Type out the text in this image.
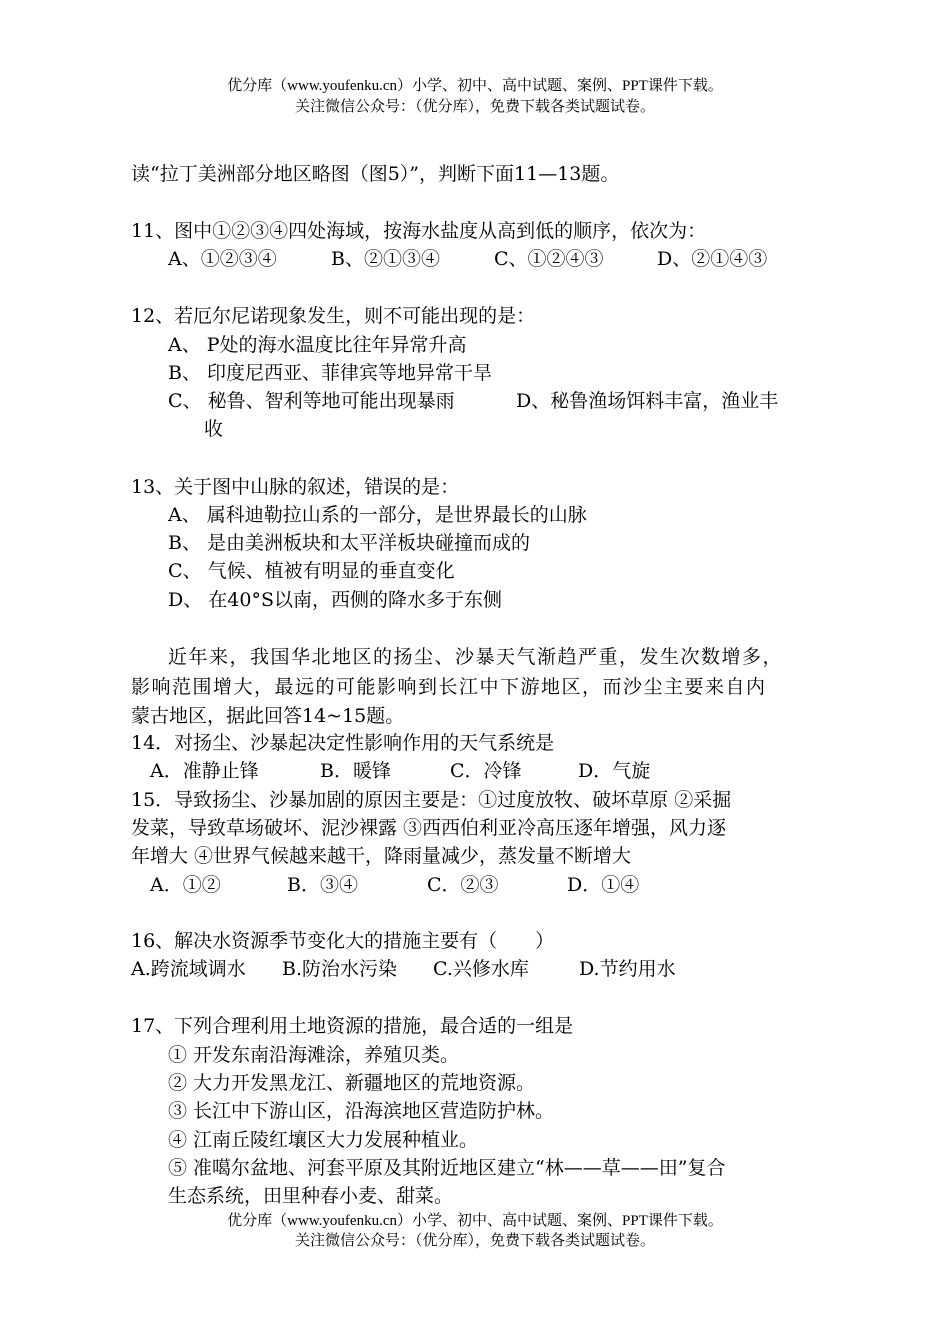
优分库（www.youfenku.cn）小学、初中、高中试题、案例、PPT课件下载。
关注微信公众号：（优分库），免费下载各类试题试卷。
读“拉丁美洲部分地区略图（图5）”，判断下面11—13题。
11、图中①②③④四处海域，按海水盐度从高到低的顺序，依次为：
A、①②③④	B、②①③④	C、①②④③	D、②①④③
12、若厄尔尼诺现象发生，则不可能出现的是：
A、 P处的海水温度比往年异常升高
B、 印度尼西亚、菲律宾等地异常干旱
C、 秘鲁、智利等地可能出现暴雨	D、秘鲁渔场饵料丰富，渔业丰
收
13、关于图中山脉的叙述，错误的是：
A、 属科迪勒拉山系的一部分，是世界最长的山脉
B、 是由美洲板块和太平洋板块碰撞而成的
C、 气候、植被有明显的垂直变化
D、 在40°S以南，西侧的降水多于东侧
近年来，我国华北地区的扬尘、沙暴天气渐趋严重，发生次数增多，
影响范围增大，最远的可能影响到长江中下游地区，而沙尘主要来自内
蒙古地区，据此回答14~15题。
14．对扬尘、沙暴起决定性影响作用的天气系统是
A．准静止锋	B．暖锋	C．冷锋	D．气旋
15．导致扬尘、沙暴加剧的原因主要是：①过度放牧、破坏草原 ②采掘
发菜，导致草场破坏、泥沙裸露 ③西西伯利亚冷高压逐年增强，风力逐
年增大 ④世界气候越来越干，降雨量减少，蒸发量不断增大
A．①②	B．③④	C．②③	D．①④
16、解决水资源季节变化大的措施主要有（　　）
A.跨流域调水 B.防治水污染 C.兴修水库	D.节约用水
17、下列合理利用土地资源的措施，最合适的一组是
① 开发东南沿海滩涂，养殖贝类。
② 大力开发黑龙江、新疆地区的荒地资源。
③ 长江中下游山区，沿海滨地区营造防护林。
④ 江南丘陵红壤区大力发展种植业。
⑤ 准噶尔盆地、河套平原及其附近地区建立“林——草——田”复合
生态系统，田里种春小麦、甜菜。
优分库（www.youfenku.cn）小学、初中、高中试题、案例、PPT课件下载。
关注微信公众号：（优分库），免费下载各类试题试卷。
